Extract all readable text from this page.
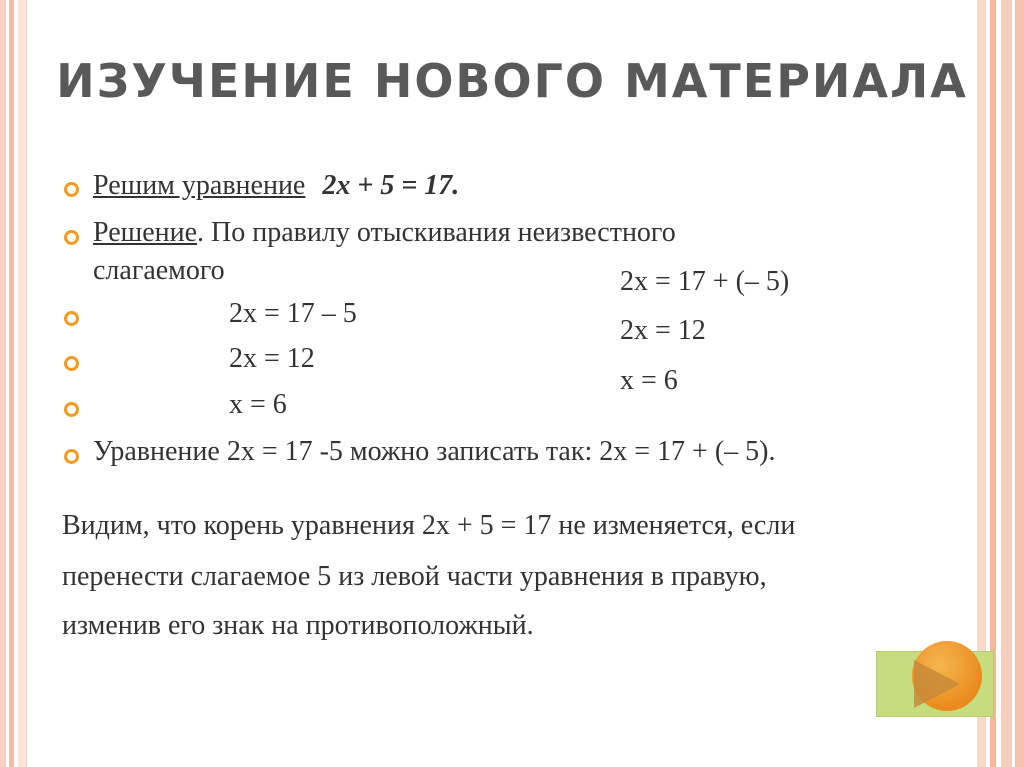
ИЗУЧЕНИЕ НОВОГО МАТЕРИАЛА
Решим уравнение 2х + 5 = 17.
Решение. По правилу отыскивания неизвестного
слагаемого
2х = 17 – 5
2х = 12
х = 6
2х = 17 + (– 5)
2х = 12
х = 6
Уравнение 2х = 17 -5 можно записать так: 2х = 17 + (– 5).
Видим, что корень уравнения 2х + 5 = 17 не изменяется, если
перенести слагаемое 5 из левой части уравнения в правую,
изменив его знак на противоположный.
